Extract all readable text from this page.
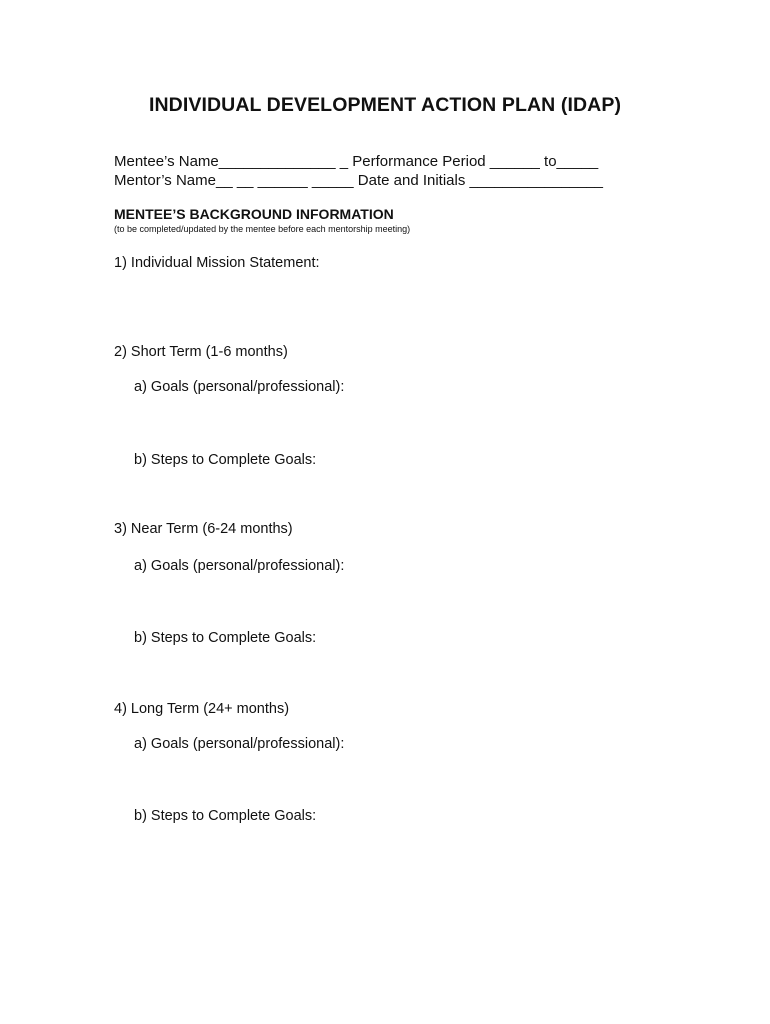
INDIVIDUAL DEVELOPMENT ACTION PLAN (IDAP)
Mentee’s Name______________ _ Performance Period ______ to_____
Mentor’s Name__ __ ______ _____ Date and Initials ________________
MENTEE’S BACKGROUND INFORMATION
(to be completed/updated by the mentee before each mentorship meeting)
1) Individual Mission Statement:
2) Short Term (1-6 months)
a) Goals (personal/professional):
b) Steps to Complete Goals:
3) Near Term (6-24 months)
a) Goals (personal/professional):
b) Steps to Complete Goals:
4) Long Term (24+ months)
a) Goals (personal/professional):
b) Steps to Complete Goals:
